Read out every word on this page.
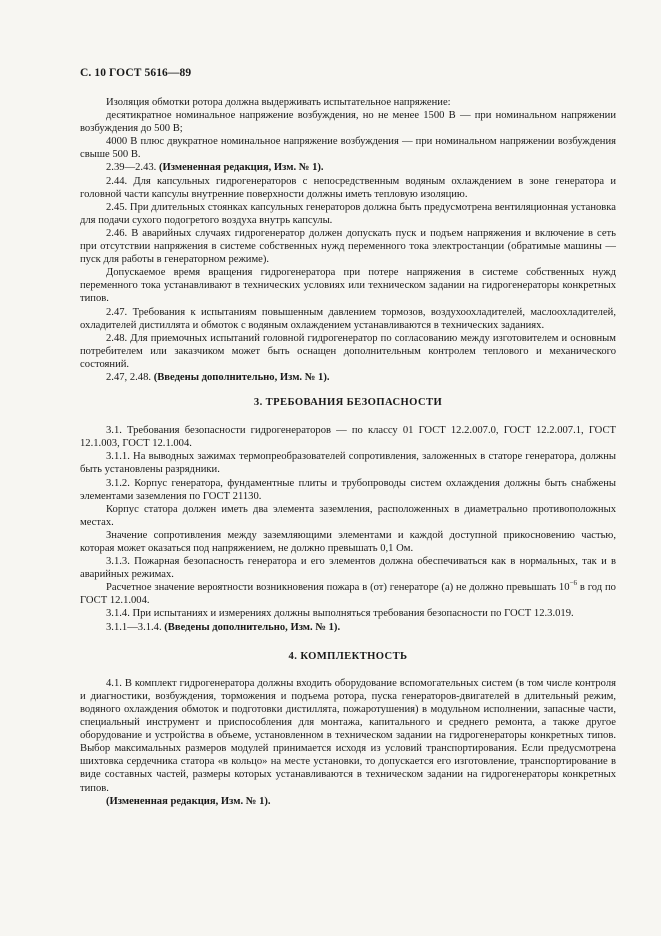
С. 10 ГОСТ 5616—89

Изоляция обмотки ротора должна выдерживать испытательное напряжение:

десятикратное номинальное напряжение возбуждения, но не менее 1500 В — при номинальном напряжении возбуждения до 500 В;

4000 В плюс двукратное номинальное напряжение возбуждения — при номинальном напряжении возбуждения свыше 500 В.

2.39—2.43. (Измененная редакция, Изм. № 1).

2.44. Для капсульных гидрогенераторов с непосредственным водяным охлаждением в зоне генератора и головной части капсулы внутренние поверхности должны иметь тепловую изоляцию.

2.45. При длительных стоянках капсульных генераторов должна быть предусмотрена вентиляционная установка для подачи сухого подогретого воздуха внутрь капсулы.

2.46. В аварийных случаях гидрогенератор должен допускать пуск и подъем напряжения и включение в сеть при отсутствии напряжения в системе собственных нужд переменного тока электростанции (обратимые машины — пуск для работы в генераторном режиме).

Допускаемое время вращения гидрогенератора при потере напряжения в системе собственных нужд переменного тока устанавливают в технических условиях или техническом задании на гидрогенераторы конкретных типов.

2.47. Требования к испытаниям повышенным давлением тормозов, воздухоохладителей, маслоохладителей, охладителей дистиллята и обмоток с водяным охлаждением устанавливаются в технических заданиях.

2.48. Для приемочных испытаний головной гидрогенератор по согласованию между изготовителем и основным потребителем или заказчиком может быть оснащен дополнительным контролем теплового и механического состояний.

2.47, 2.48. (Введены дополнительно, Изм. № 1).

3. ТРЕБОВАНИЯ БЕЗОПАСНОСТИ

3.1. Требования безопасности гидрогенераторов — по классу 01 ГОСТ 12.2.007.0, ГОСТ 12.2.007.1, ГОСТ 12.1.003, ГОСТ 12.1.004.

3.1.1. На выводных зажимах термопреобразователей сопротивления, заложенных в статоре генератора, должны быть установлены разрядники.

3.1.2. Корпус генератора, фундаментные плиты и трубопроводы систем охлаждения должны быть снабжены элементами заземления по ГОСТ 21130.

Корпус статора должен иметь два элемента заземления, расположенных в диаметрально противоположных местах.

Значение сопротивления между заземляющими элементами и каждой доступной прикосновению частью, которая может оказаться под напряжением, не должно превышать 0,1 Ом.

3.1.3. Пожарная безопасность генератора и его элементов должна обеспечиваться как в нормальных, так и в аварийных режимах.

Расчетное значение вероятности возникновения пожара в (от) генераторе (а) не должно превышать $10^{-6}$ в год по ГОСТ 12.1.004.

3.1.4. При испытаниях и измерениях должны выполняться требования безопасности по ГОСТ 12.3.019.

3.1.1—3.1.4. (Введены дополнительно, Изм. № 1).

4. КОМПЛЕКТНОСТЬ

4.1. В комплект гидрогенератора должны входить оборудование вспомогательных систем (в том числе контроля и диагностики, возбуждения, торможения и подъема ротора, пуска генераторов-двигателей в длительный режим, водяного охлаждения обмоток и подготовки дистиллята, пожаротушения) в модульном исполнении, запасные части, специальный инструмент и приспособления для монтажа, капитального и среднего ремонта, а также другое оборудование и устройства в объеме, установленном в техническом задании на гидрогенераторы конкретных типов. Выбор максимальных размеров модулей принимается исходя из условий транспортирования. Если предусмотрена шихтовка сердечника статора «в кольцо» на месте установки, то допускается его изготовление, транспортирование в виде составных частей, размеры которых устанавливаются в техническом задании на гидрогенераторы конкретных типов.

(Измененная редакция, Изм. № 1).
